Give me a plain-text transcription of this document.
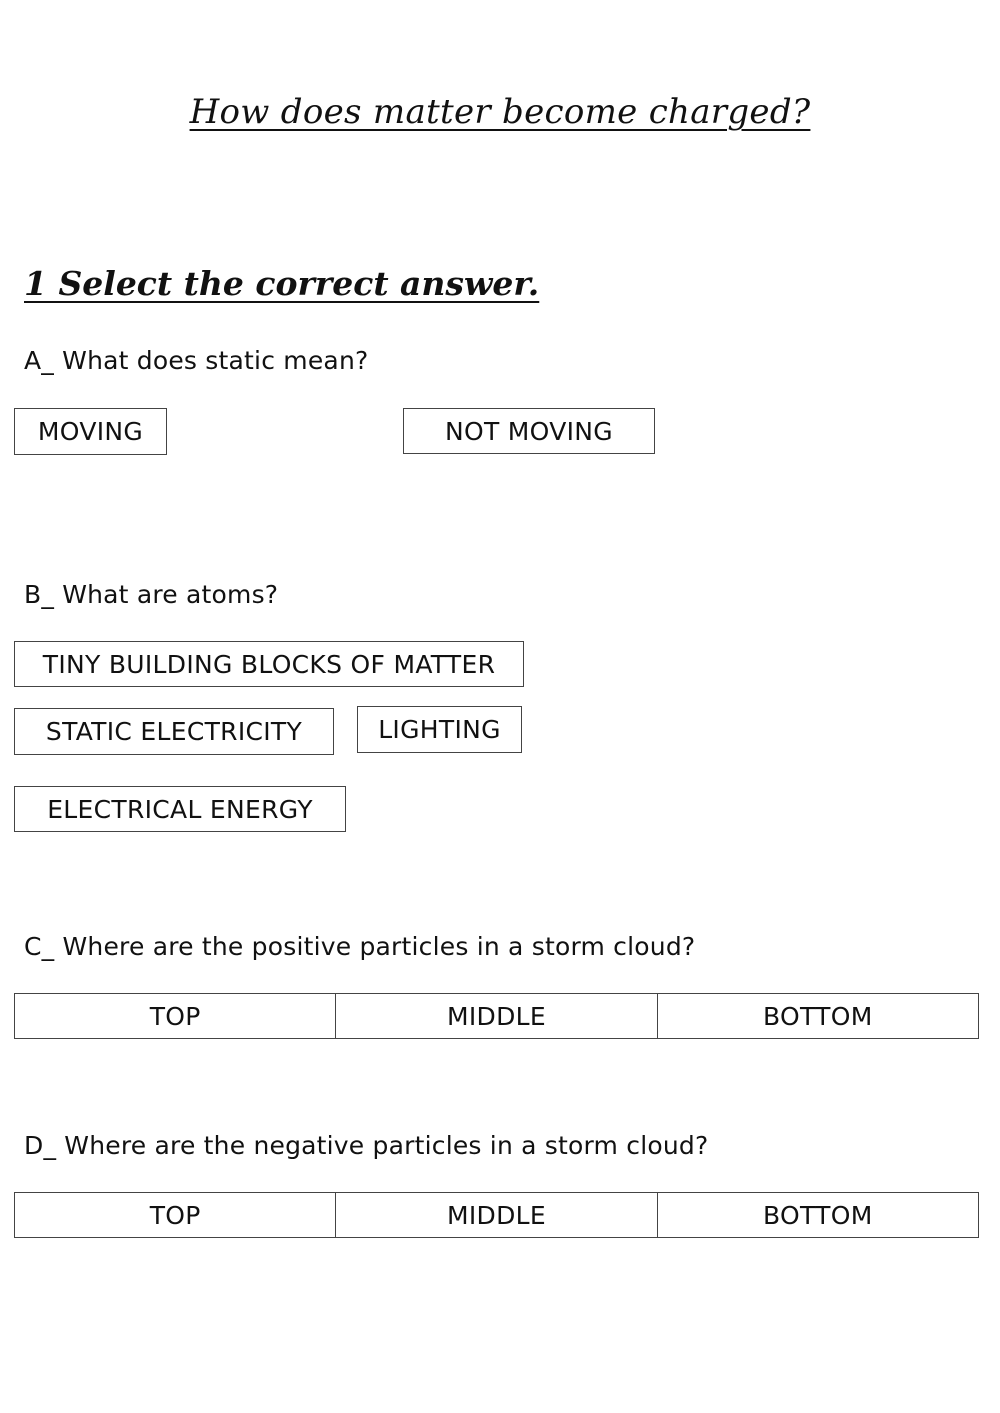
How does matter become charged?
1 Select the correct answer.
A_ What does static mean?
MOVING	NOT MOVING
B_ What are atoms?
TINY BUILDING BLOCKS OF MATTER
STATIC ELECTRICITY	LIGHTING
ELECTRICAL ENERGY
C_ Where are the positive particles in a storm cloud?
TOP	MIDDLE	BOTTOM
D_ Where are the negative particles in a storm cloud?
TOP	MIDDLE	BOTTOM
